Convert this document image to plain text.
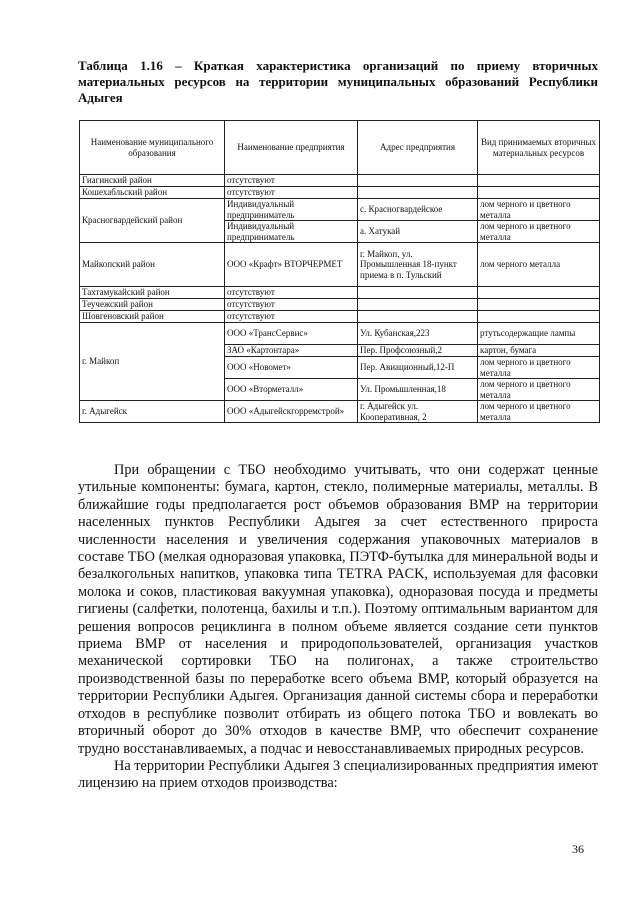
Таблица 1.16 – Краткая характеристика организаций по приему вторичных материальных ресурсов на территории муниципальных образований Республики Адыгея
Наименование муниципального образования	Наименование предприятия	Адрес предприятия	Вид принимаемых вторичных материальных ресурсов
Гиагинский район	отсутствуют		
Кошехабльский район	отсутствуют		
Красногвардейский район	Индивидуальный предприниматель	с. Красногвардейское	лом черного и цветного металла
	Индивидуальный предприниматель	а. Хатукай	лом черного и цветного металла
Майкопский район	ООО «Крафт» ВТОРЧЕРМЕТ	г. Майкоп, ул. Промышленная 18-пункт приема в п. Тульский	лом черного металла
Тахтамукайский район	отсутствуют		
Теучежский район	отсутствуют		
Шовгеновский район	отсутствуют		
г. Майкоп	ООО «ТрансСервис»	Ул. Кубанская,223	ртутьсодержащие лампы
	ЗАО «Картонтара»	Пер. Профсоюзный,2	картон, бумага
	ООО «Новомет»	Пер. Авиационный,12-П	лом черного и цветного металла
	ООО «Вторметалл»	Ул. Промышленная,18	лом черного и цветного металла
г. Адыгейск	ООО «Адыгейскгорремстрой»	г. Адыгейск ул. Кооперативная, 2	лом черного и цветного металла

При обращении с ТБО необходимо учитывать, что они содержат ценные утильные компоненты: бумага, картон, стекло, полимерные материалы, металлы. В ближайшие годы предполагается рост объемов образования ВМР на территории населенных пунктов Республики Адыгея за счет естественного прироста численности населения и увеличения содержания упаковочных материалов в составе ТБО (мелкая одноразовая упаковка, ПЭТФ-бутылка для минеральной воды и безалкогольных напитков, упаковка типа TETRA PACK, используемая для фасовки молока и соков, пластиковая вакуумная упаковка), одноразовая посуда и предметы гигиены (салфетки, полотенца, бахилы и т.п.). Поэтому оптимальным вариантом для решения вопросов рециклинга в полном объеме является создание сети пунктов приема ВМР от населения и природопользователей, организация участков механической сортировки ТБО на полигонах, а также строительство производственной базы по переработке всего объема ВМР, который образуется на территории Республики Адыгея. Организация данной системы сбора и переработки отходов в республике позволит отбирать из общего потока ТБО и вовлекать во вторичный оборот до 30% отходов в качестве ВМР, что обеспечит сохранение трудно восстанавливаемых, а подчас и невосстанавливаемых природных ресурсов.

На территории Республики Адыгея 3 специализированных предприятия имеют лицензию на прием отходов производства:

36
